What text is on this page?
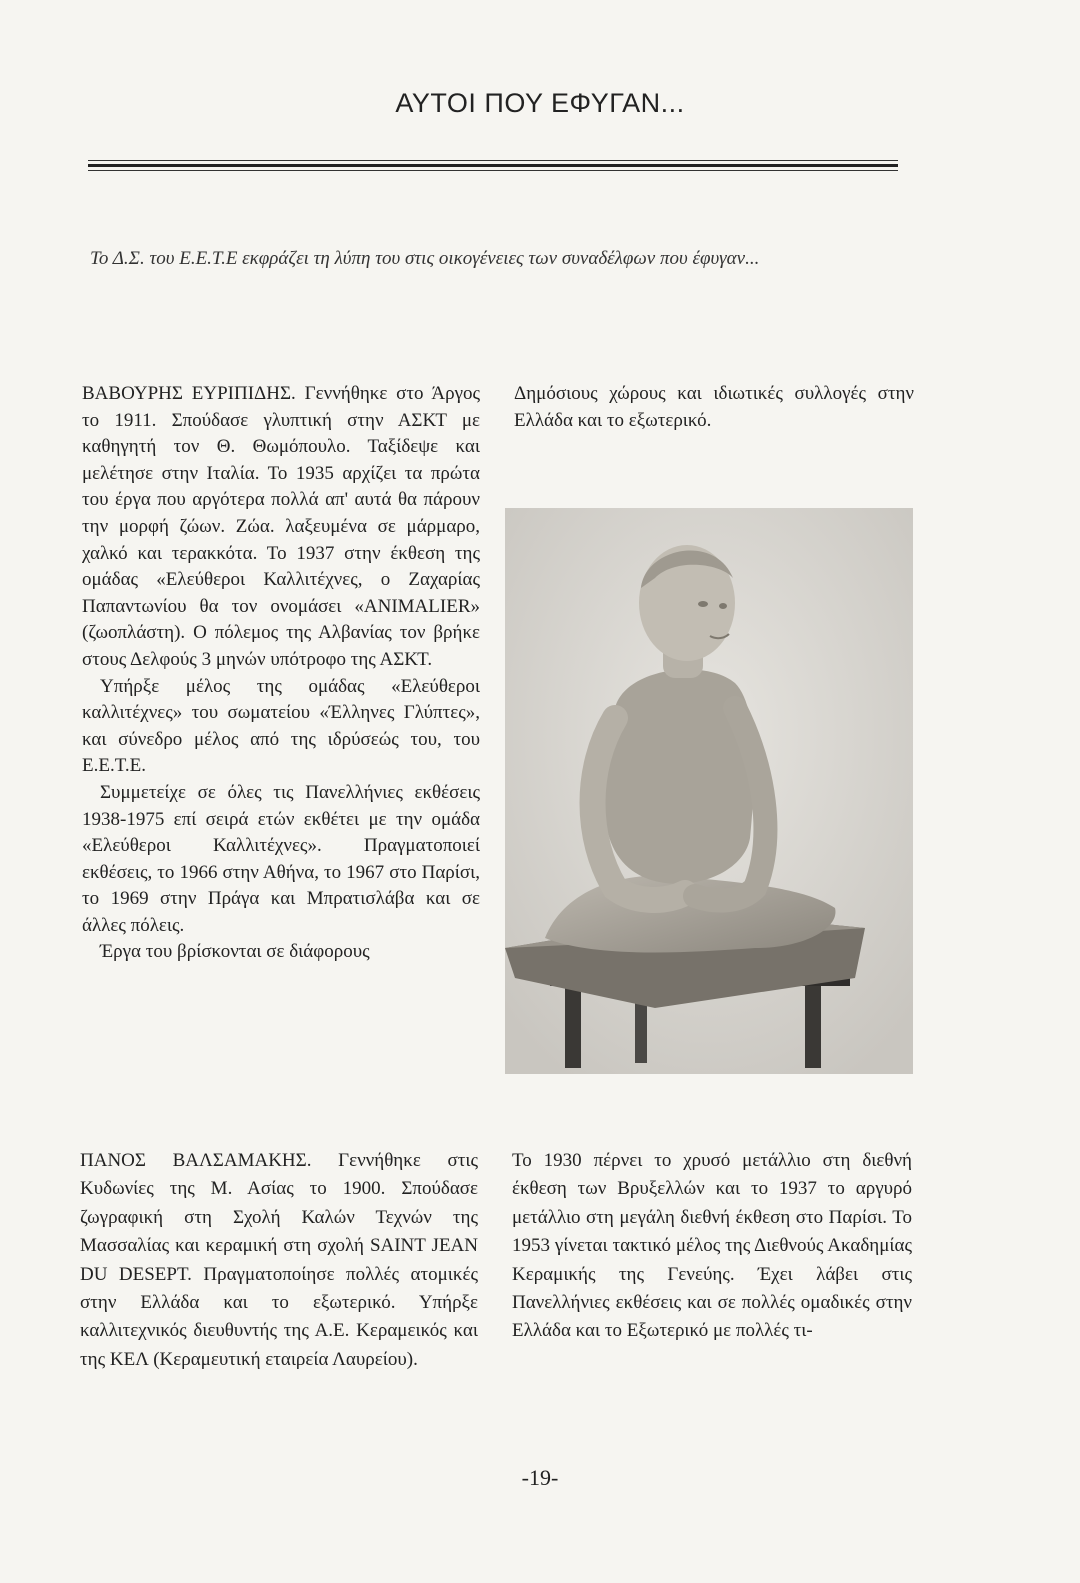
ΑΥΤΟΙ ΠΟΥ ΕΦΥΓΑΝ...
Το Δ.Σ. του Ε.Ε.Τ.Ε εκφράζει τη λύπη του στις οικογένειες των συναδέλφων που έφυγαν...

ΒΑΒΟΥΡΗΣ ΕΥΡΙΠΙΔΗΣ. Γεννήθηκε στο Άργος το 1911. Σπούδασε γλυπτική στην ΑΣΚΤ με καθηγητή τον Θ. Θωμόπουλο. Ταξίδεψε και μελέτησε στην Ιταλία. Το 1935 αρχίζει τα πρώτα του έργα που αργότερα πολλά απ' αυτά θα πάρουν την μορφή ζώων. Ζώα. λαξευμένα σε μάρμαρο, χαλκό και τερακκότα. Το 1937 στην έκθεση της ομάδας «Ελεύθεροι Καλλιτέχνες, ο Ζαχαρίας Παπαντωνίου θα τον ονομάσει «ΑΝΙΜΑLIER» (ζωοπλάστη). Ο πόλεμος της Αλβανίας τον βρήκε στους Δελφούς 3 μηνών υπότροφο της ΑΣΚΤ.

Υπήρξε μέλος της ομάδας «Ελεύθεροι καλλιτέχνες» του σωματείου «Έλληνες Γλύπτες», και σύνεδρο μέλος από της ιδρύσεώς του, του Ε.Ε.Τ.Ε.

Συμμετείχε σε όλες τις Πανελλήνιες εκθέσεις 1938-1975 επί σειρά ετών εκθέτει με την ομάδα «Ελεύθεροι Καλλιτέχνες». Πραγματοποιεί εκθέσεις, το 1966 στην Αθήνα, το 1967 στο Παρίσι, το 1969 στην Πράγα και Μπρατισλάβα και σε άλλες πόλεις.

Έργα του βρίσκονται σε διάφορους

Δημόσιους χώρους και ιδιωτικές συλλογές στην Ελλάδα και το εξωτερικό.

ΠΑΝΟΣ ΒΑΛΣΑΜΑΚΗΣ. Γεννήθηκε στις Κυδωνίες της Μ. Ασίας το 1900. Σπούδασε ζωγραφική στη Σχολή Καλών Τεχνών της Μασσαλίας και κεραμική στη σχολή SAINT JEAN DU DESEPT. Πραγματοποίησε πολλές ατομικές στην Ελλάδα και το εξωτερικό. Υπήρξε καλλιτεχνικός διευθυντής της Α.Ε. Κεραμεικός και της ΚΕΛ (Κεραμευτική εταιρεία Λαυρείου).

Το 1930 πέρνει το χρυσό μετάλλιο στη διεθνή έκθεση των Βρυξελλών και το 1937 το αργυρό μετάλλιο στη μεγάλη διεθνή έκθεση στο Παρίσι. Το 1953 γίνεται τακτικό μέλος της Διεθνούς Ακαδημίας Κεραμικής της Γενεύης. Έχει λάβει στις Πανελλήνιες εκθέσεις και σε πολλές ομαδικές στην Ελλάδα και το Εξωτερικό με πολλές τι-

-19-
